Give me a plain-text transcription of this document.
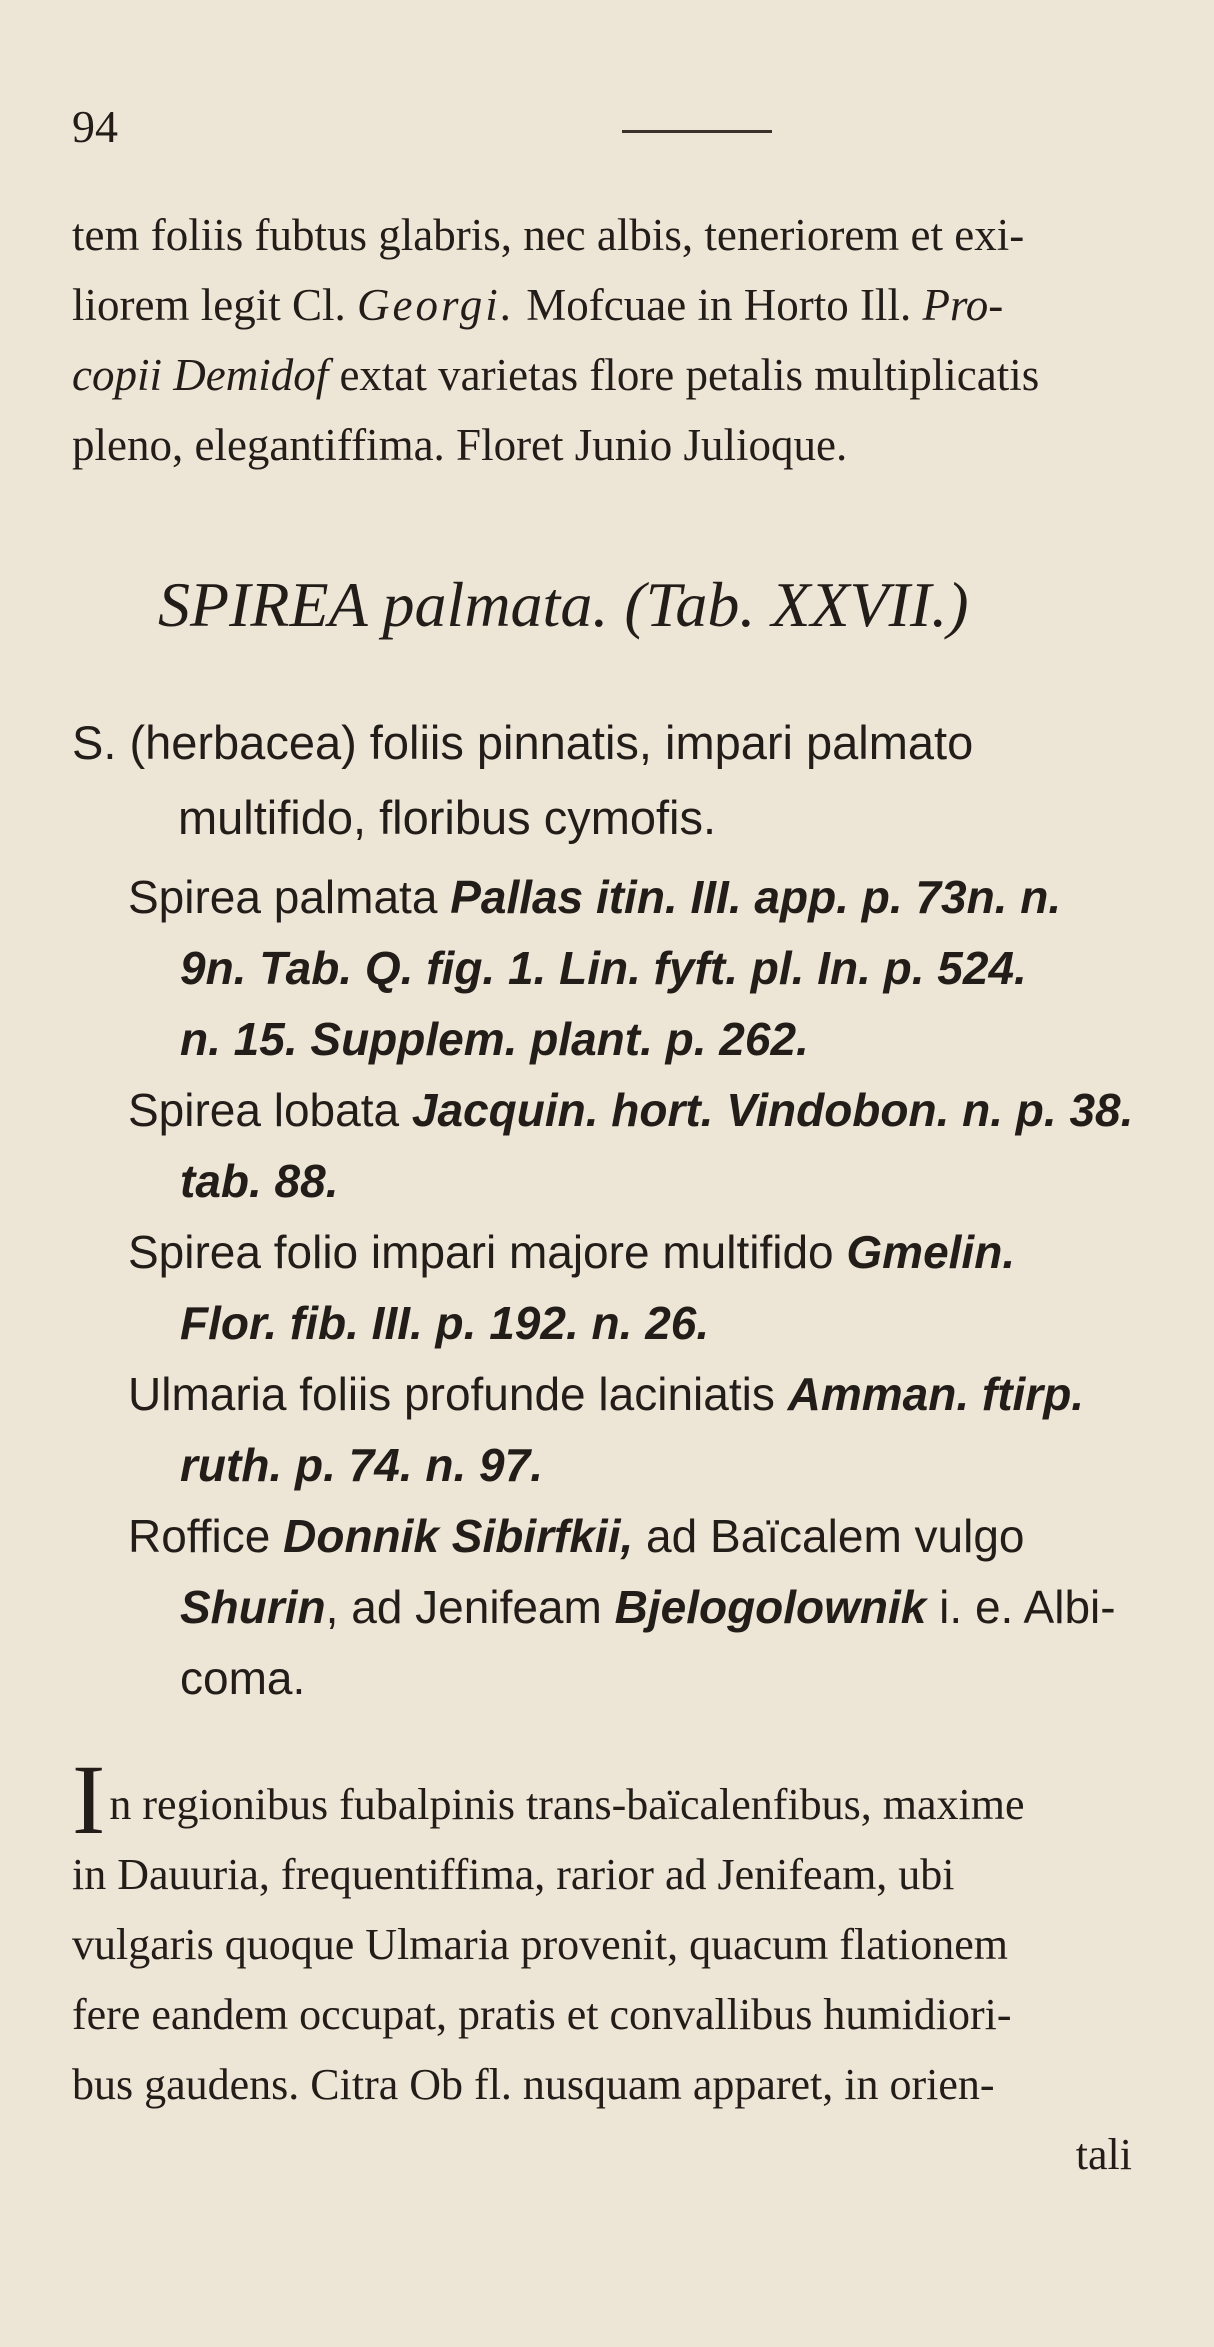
94
tem foliis fubtus glabris, nec albis, teneriorem et exi-
liorem legit Cl. Georgi. Mofcuae in Horto Ill. Pro-
copii Demidof extat varietas flore petalis multiplicatis
pleno, elegantiffima. Floret Junio Julioque.
SPIREA palmata. (Tab. XXVII.)
S. (herbacea) foliis pinnatis, impari palmato
multifido, floribus cymofis.
Spirea palmata Pallas itin. III. app. p. 73n. n.
9n. Tab. Q. fig. 1. Lin. fyft. pl. In. p. 524.
n. 15. Supplem. plant. p. 262.
Spirea lobata Jacquin. hort. Vindobon. n. p. 38.
tab. 88.
Spirea folio impari majore multifido Gmelin.
Flor. fib. III. p. 192. n. 26.
Ulmaria foliis profunde laciniatis Amman. ftirp.
ruth. p. 74. n. 97.
Roffice Donnik Sibirfkii, ad Baïcalem vulgo
Shurin, ad Jenifeam Bjelogolownik i. e. Albi-
coma.
In regionibus fubalpinis trans-baïcalenfibus, maxime
in Dauuria, frequentiffima, rarior ad Jenifeam, ubi
vulgaris quoque Ulmaria provenit, quacum flationem
fere eandem occupat, pratis et convallibus humidiori-
bus gaudens. Citra Ob fl. nusquam apparet, in orien-
tali
